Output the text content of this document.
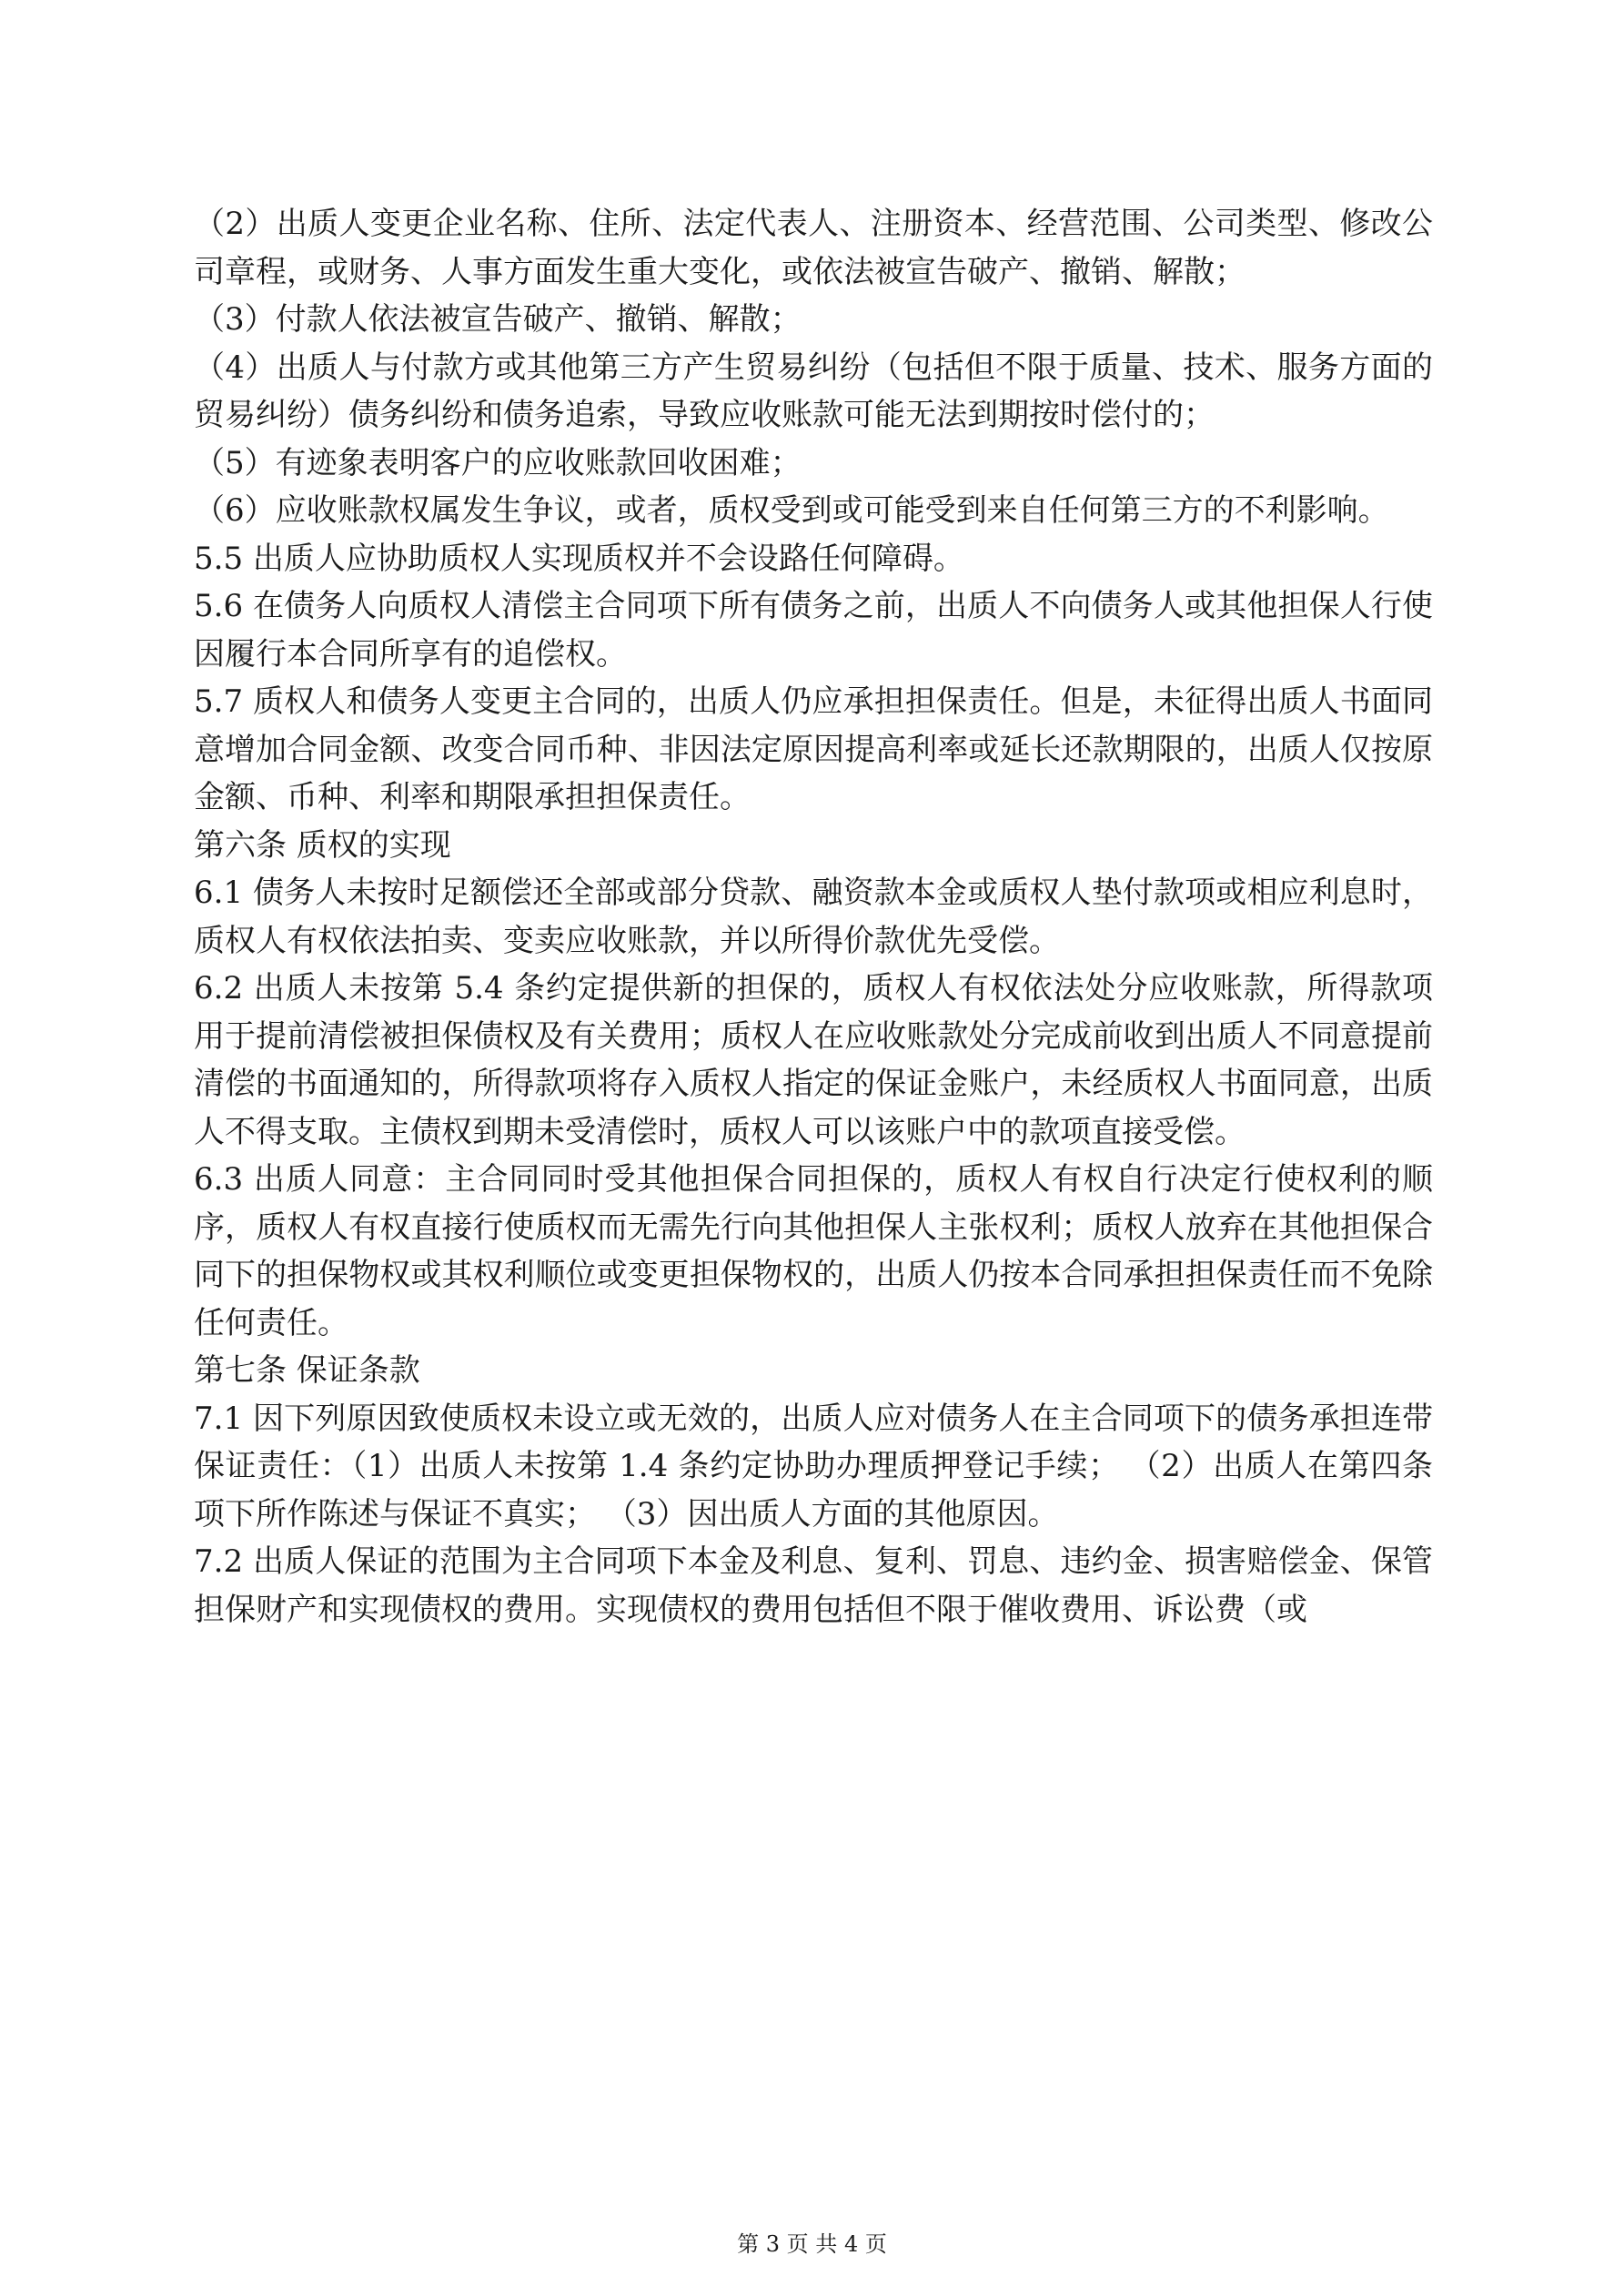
（2）出质人变更企业名称、住所、法定代表人、注册资本、经营范围、公司类型、修改公司章程，或财务、人事方面发生重大变化，或依法被宣告破产、撤销、解散；

（3）付款人依法被宣告破产、撤销、解散；

（4）出质人与付款方或其他第三方产生贸易纠纷（包括但不限于质量、技术、服务方面的贸易纠纷）债务纠纷和债务追索，导致应收账款可能无法到期按时偿付的；

（5）有迹象表明客户的应收账款回收困难；

（6）应收账款权属发生争议，或者，质权受到或可能受到来自任何第三方的不利影响。

5.5 出质人应协助质权人实现质权并不会设路任何障碍。

5.6 在债务人向质权人清偿主合同项下所有债务之前，出质人不向债务人或其他担保人行使因履行本合同所享有的追偿权。

5.7 质权人和债务人变更主合同的，出质人仍应承担担保责任。但是，未征得出质人书面同意增加合同金额、改变合同币种、非因法定原因提高利率或延长还款期限的，出质人仅按原金额、币种、利率和期限承担担保责任。

第六条 质权的实现

6.1 债务人未按时足额偿还全部或部分贷款、融资款本金或质权人垫付款项或相应利息时，质权人有权依法拍卖、变卖应收账款，并以所得价款优先受偿。

6.2 出质人未按第 5.4 条约定提供新的担保的，质权人有权依法处分应收账款，所得款项用于提前清偿被担保债权及有关费用；质权人在应收账款处分完成前收到出质人不同意提前清偿的书面通知的，所得款项将存入质权人指定的保证金账户，未经质权人书面同意，出质人不得支取。主债权到期未受清偿时，质权人可以该账户中的款项直接受偿。

6.3 出质人同意：主合同同时受其他担保合同担保的，质权人有权自行决定行使权利的顺序，质权人有权直接行使质权而无需先行向其他担保人主张权利；质权人放弃在其他担保合同下的担保物权或其权利顺位或变更担保物权的，出质人仍按本合同承担担保责任而不免除任何责任。

第七条 保证条款

7.1 因下列原因致使质权未设立或无效的，出质人应对债务人在主合同项下的债务承担连带保证责任：（1）出质人未按第 1.4 条约定协助办理质押登记手续； （2）出质人在第四条项下所作陈述与保证不真实； （3）因出质人方面的其他原因。

7.2 出质人保证的范围为主合同项下本金及利息、复利、罚息、违约金、损害赔偿金、保管担保财产和实现债权的费用。实现债权的费用包括但不限于催收费用、诉讼费（或

第 3 页 共 4 页
